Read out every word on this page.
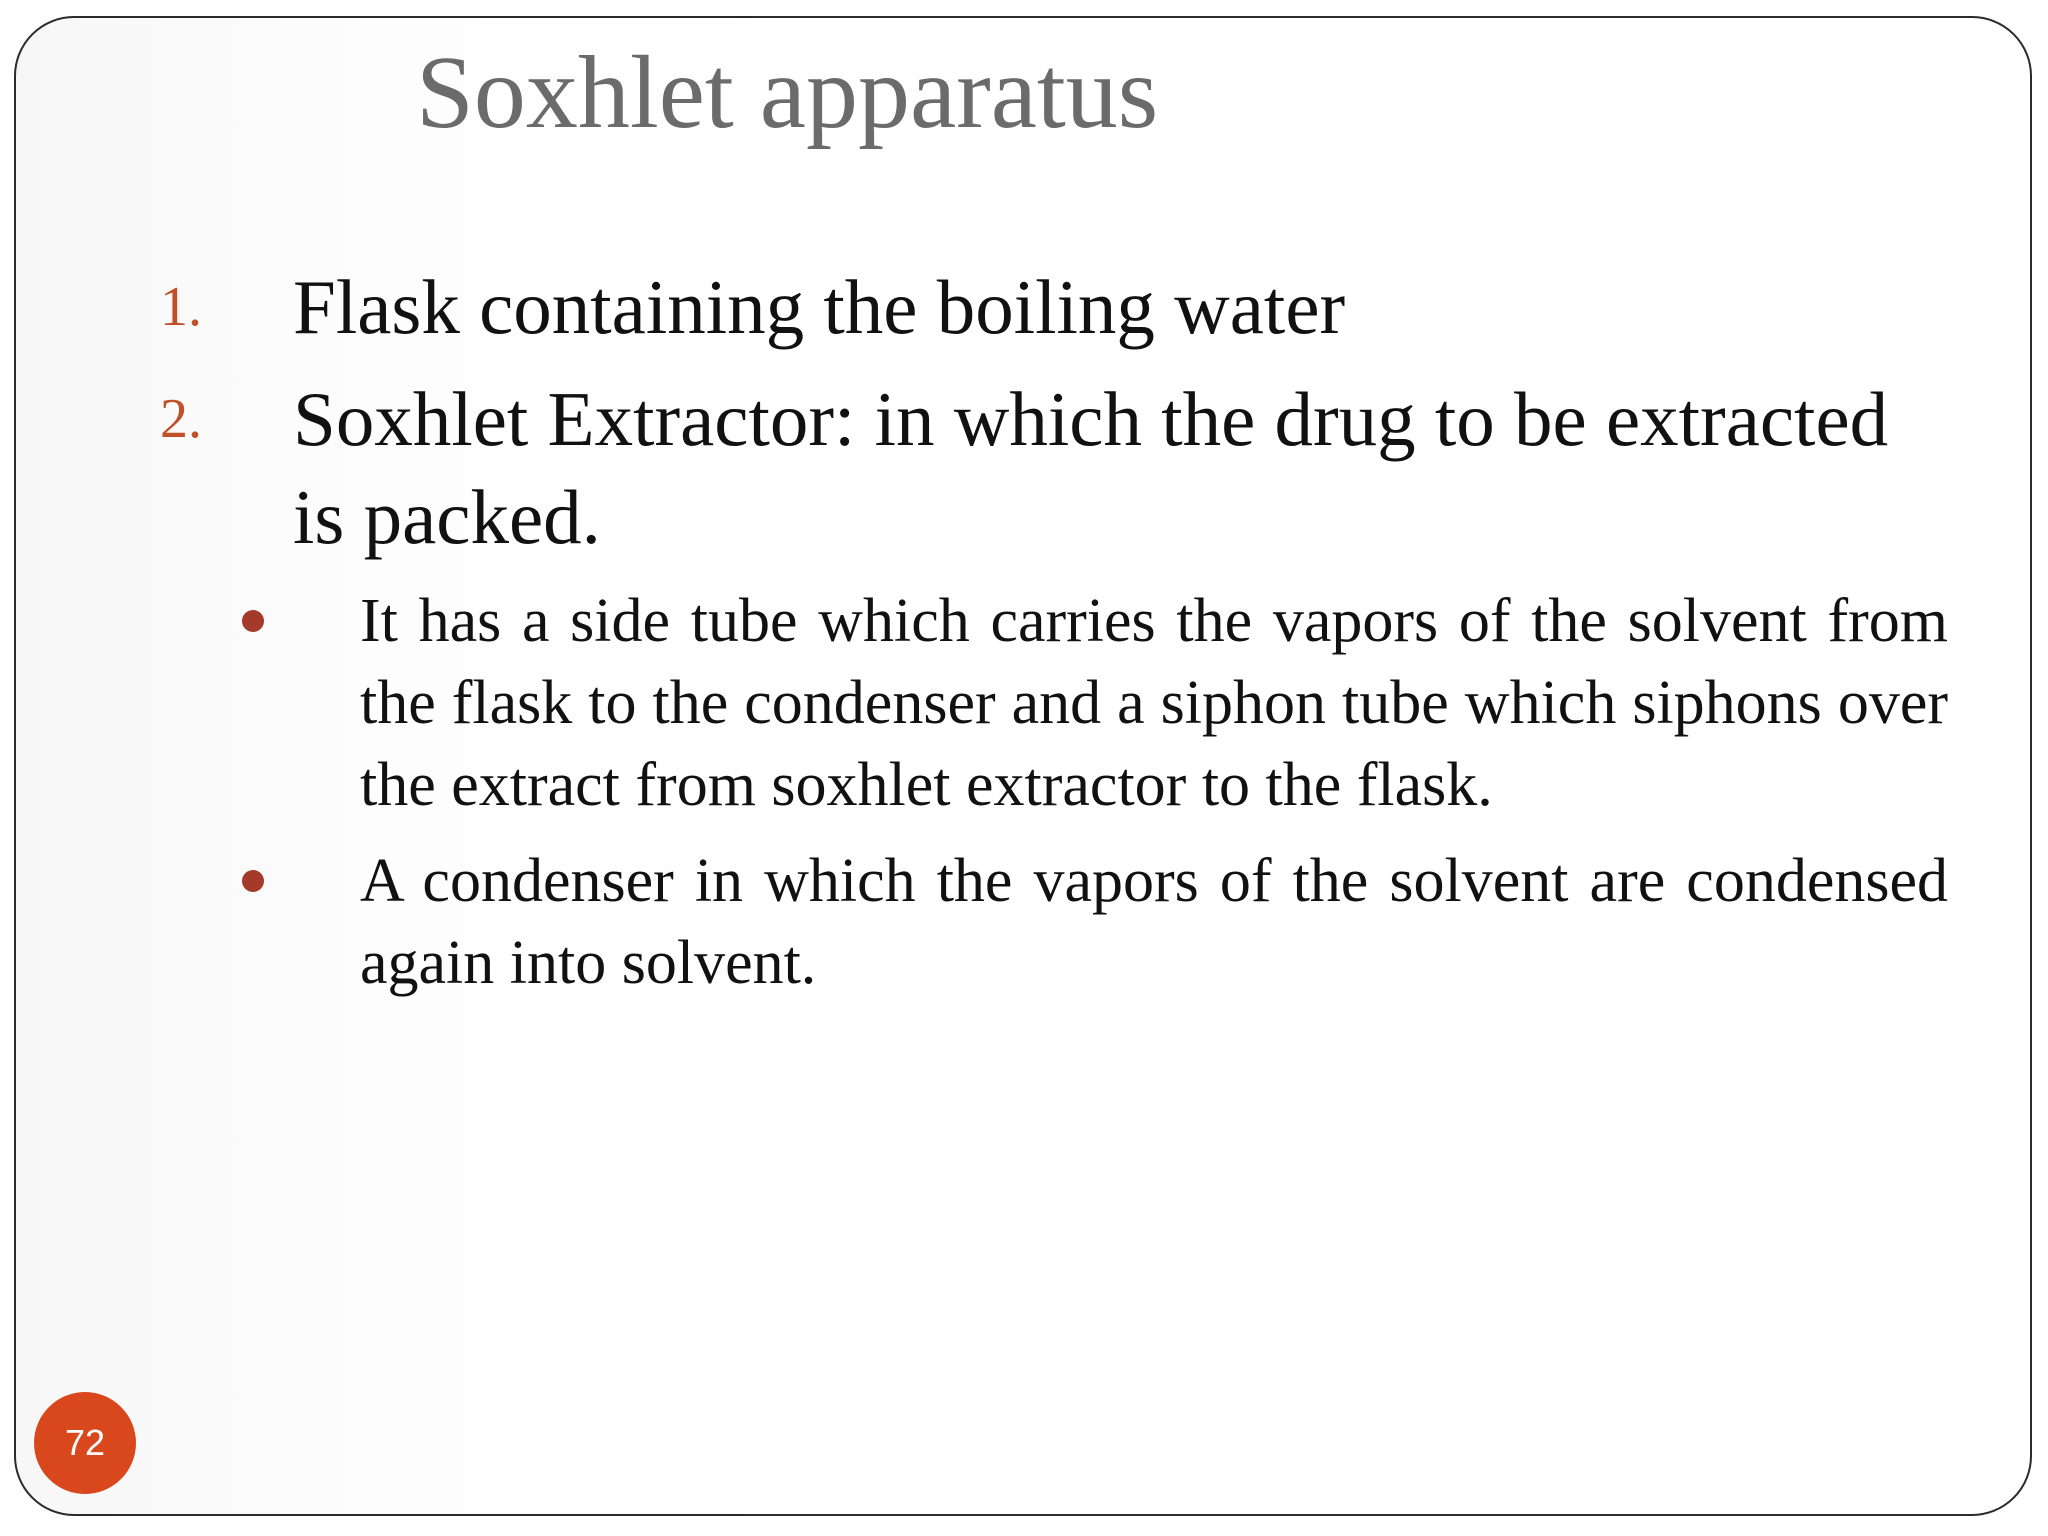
Soxhlet apparatus
1. Flask containing the boiling water
2. Soxhlet Extractor: in which the drug to be extracted is packed.
It has a side tube which carries the vapors of the solvent from the flask to the condenser and a siphon tube which siphons over the extract from soxhlet extractor to the flask.
A condenser in which the vapors of the solvent are condensed again into solvent.
72
